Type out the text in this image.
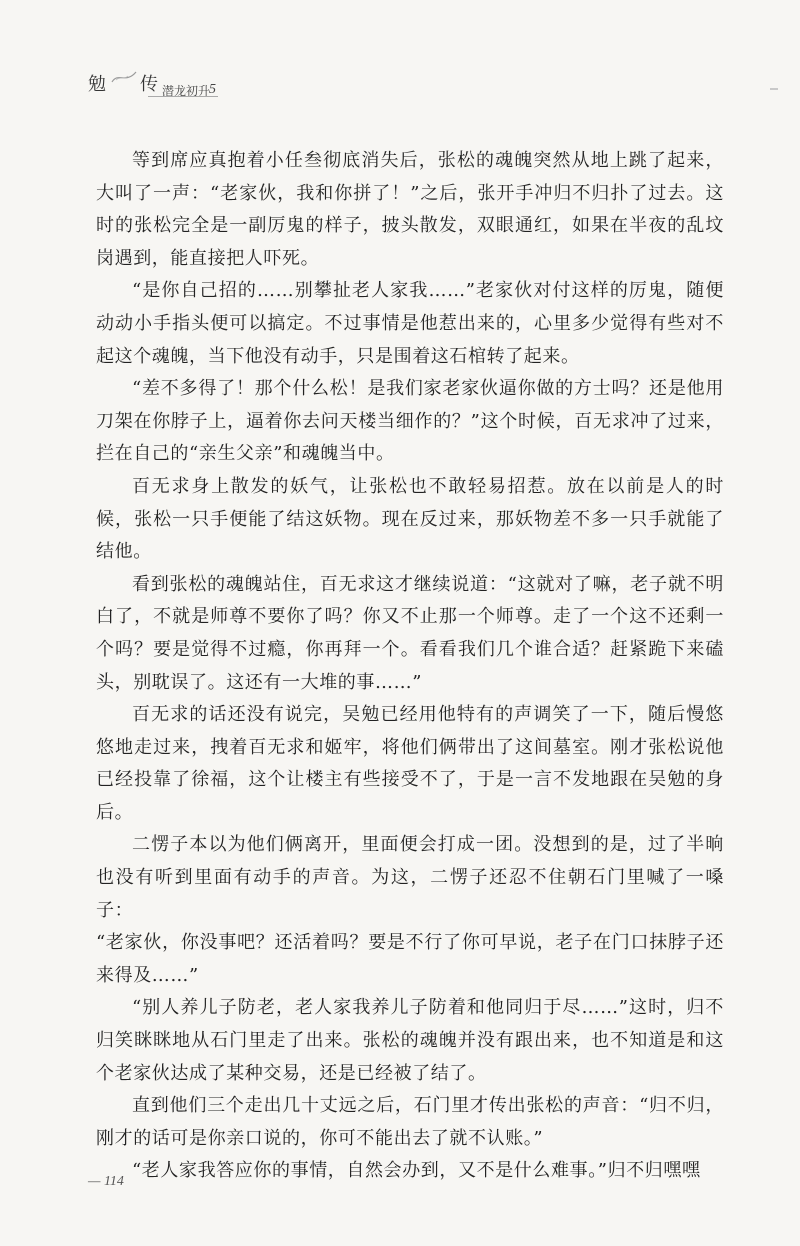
勉 传 潜龙初升
5

等到席应真抱着小任叁彻底消失后，张松的魂魄突然从地上跳了起来，大叫了一声：“老家伙，我和你拼了！”之后，张开手冲归不归扑了过去。这时的张松完全是一副厉鬼的样子，披头散发，双眼通红，如果在半夜的乱坟岗遇到，能直接把人吓死。

“是你自己招的……别攀扯老人家我……”老家伙对付这样的厉鬼，随便动动小手指头便可以搞定。不过事情是他惹出来的，心里多少觉得有些对不起这个魂魄，当下他没有动手，只是围着这石棺转了起来。

“差不多得了！那个什么松！是我们家老家伙逼你做的方士吗？还是他用刀架在你脖子上，逼着你去问天楼当细作的？”这个时候，百无求冲了过来，拦在自己的“亲生父亲”和魂魄当中。

百无求身上散发的妖气，让张松也不敢轻易招惹。放在以前是人的时候，张松一只手便能了结这妖物。现在反过来，那妖物差不多一只手就能了结他。

看到张松的魂魄站住，百无求这才继续说道：“这就对了嘛，老子就不明白了，不就是师尊不要你了吗？你又不止那一个师尊。走了一个这不还剩一个吗？要是觉得不过瘾，你再拜一个。看看我们几个谁合适？赶紧跪下来磕头，别耽误了。这还有一大堆的事……”

百无求的话还没有说完，吴勉已经用他特有的声调笑了一下，随后慢悠悠地走过来，拽着百无求和姬牢，将他们俩带出了这间墓室。刚才张松说他已经投靠了徐福，这个让楼主有些接受不了，于是一言不发地跟在吴勉的身后。

二愣子本以为他们俩离开，里面便会打成一团。没想到的是，过了半晌也没有听到里面有动手的声音。为这，二愣子还忍不住朝石门里喊了一嗓子：

“老家伙，你没事吧？还活着吗？要是不行了你可早说，老子在门口抹脖子还来得及……”

“别人养儿子防老，老人家我养儿子防着和他同归于尽……”这时，归不归笑眯眯地从石门里走了出来。张松的魂魄并没有跟出来，也不知道是和这个老家伙达成了某种交易，还是已经被了结了。

直到他们三个走出几十丈远之后，石门里才传出张松的声音：“归不归，刚才的话可是你亲口说的，你可不能出去了就不认账。”

“老人家我答应你的事情，自然会办到，又不是什么难事。”归不归嘿嘿

— 114
